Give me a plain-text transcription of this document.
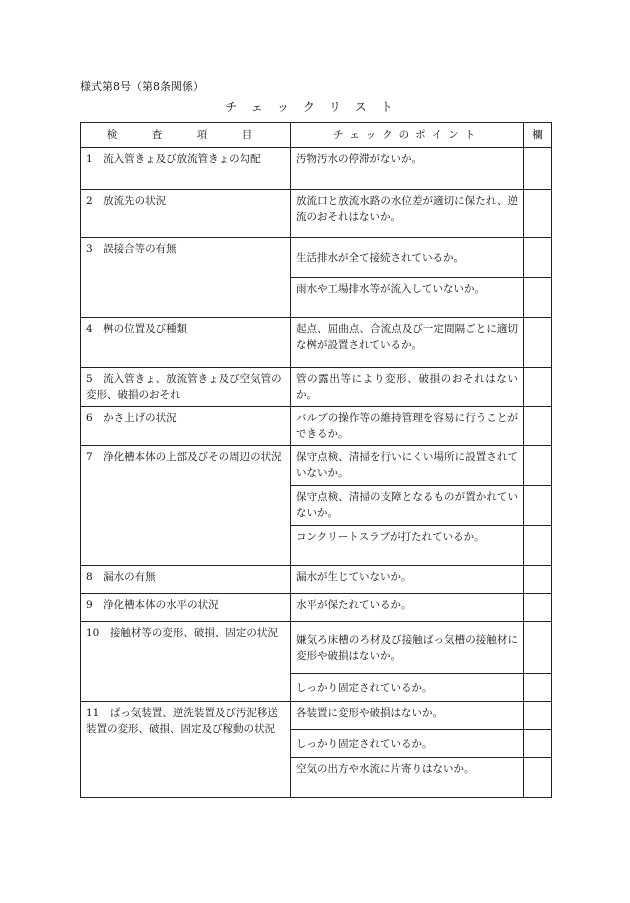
様式第8号（第8条関係）
チェックリスト
検　査　項　目	チェックのポイント	欄
1　流入管きょ及び放流管きょの勾配	汚物汚水の停滞がないか。	
2　放流先の状況	放流口と放流水路の水位差が適切に保たれ、逆流のおそれはないか。	
3　誤接合等の有無	生活排水が全て接続されているか。	
	雨水や工場排水等が流入していないか。	
4　桝の位置及び種類	起点、屈曲点、合流点及び一定間隔ごとに適切な桝が設置されているか。	
5　流入管きょ、放流管きょ及び空気管の変形、破損のおそれ	管の露出等により変形、破損のおそれはないか。	
6　かさ上げの状況	バルブの操作等の維持管理を容易に行うことができるか。	
7　浄化槽本体の上部及びその周辺の状況	保守点検、清掃を行いにくい場所に設置されていないか。	
	保守点検、清掃の支障となるものが置かれていないか。	
	コンクリートスラブが打たれているか。	
8　漏水の有無	漏水が生じていないか。	
9　浄化槽本体の水平の状況	水平が保たれているか。	
10　接触材等の変形、破損、固定の状況	嫌気ろ床槽のろ材及び接触ばっ気槽の接触材に変形や破損はないか。	
	しっかり固定されているか。	
11　ばっ気装置、逆洗装置及び汚泥移送装置の変形、破損、固定及び稼動の状況	各装置に変形や破損はないか。	
	しっかり固定されているか。	
	空気の出方や水流に片寄りはないか。	
